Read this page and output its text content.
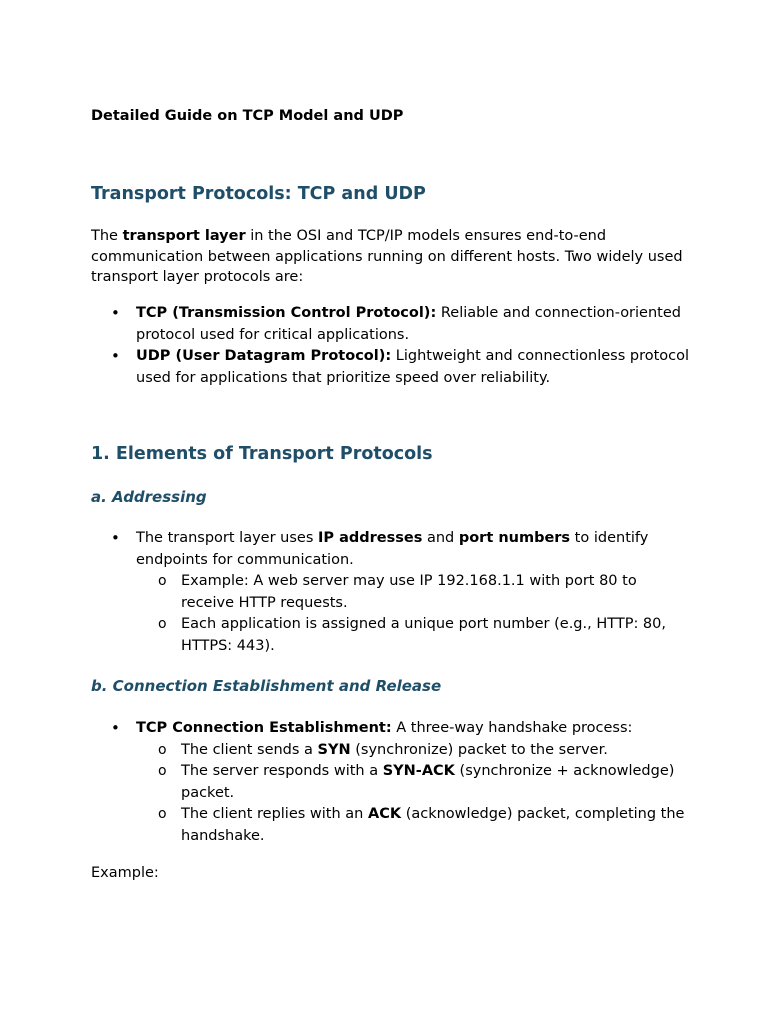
Detailed Guide on TCP Model and UDP

Transport Protocols: TCP and UDP

The transport layer in the OSI and TCP/IP models ensures end-to-end communication between applications running on different hosts. Two widely used transport layer protocols are:

• TCP (Transmission Control Protocol): Reliable and connection-oriented protocol used for critical applications.
• UDP (User Datagram Protocol): Lightweight and connectionless protocol used for applications that prioritize speed over reliability.
1. Elements of Transport Protocols
a. Addressing
• The transport layer uses IP addresses and port numbers to identify endpoints for communication.
o Example: A web server may use IP 192.168.1.1 with port 80 to receive HTTP requests.
o Each application is assigned a unique port number (e.g., HTTP: 80, HTTPS: 443).
b. Connection Establishment and Release
• TCP Connection Establishment: A three-way handshake process:
o The client sends a SYN (synchronize) packet to the server.
o The server responds with a SYN-ACK (synchronize + acknowledge) packet.
o The client replies with an ACK (acknowledge) packet, completing the handshake.

Example:
